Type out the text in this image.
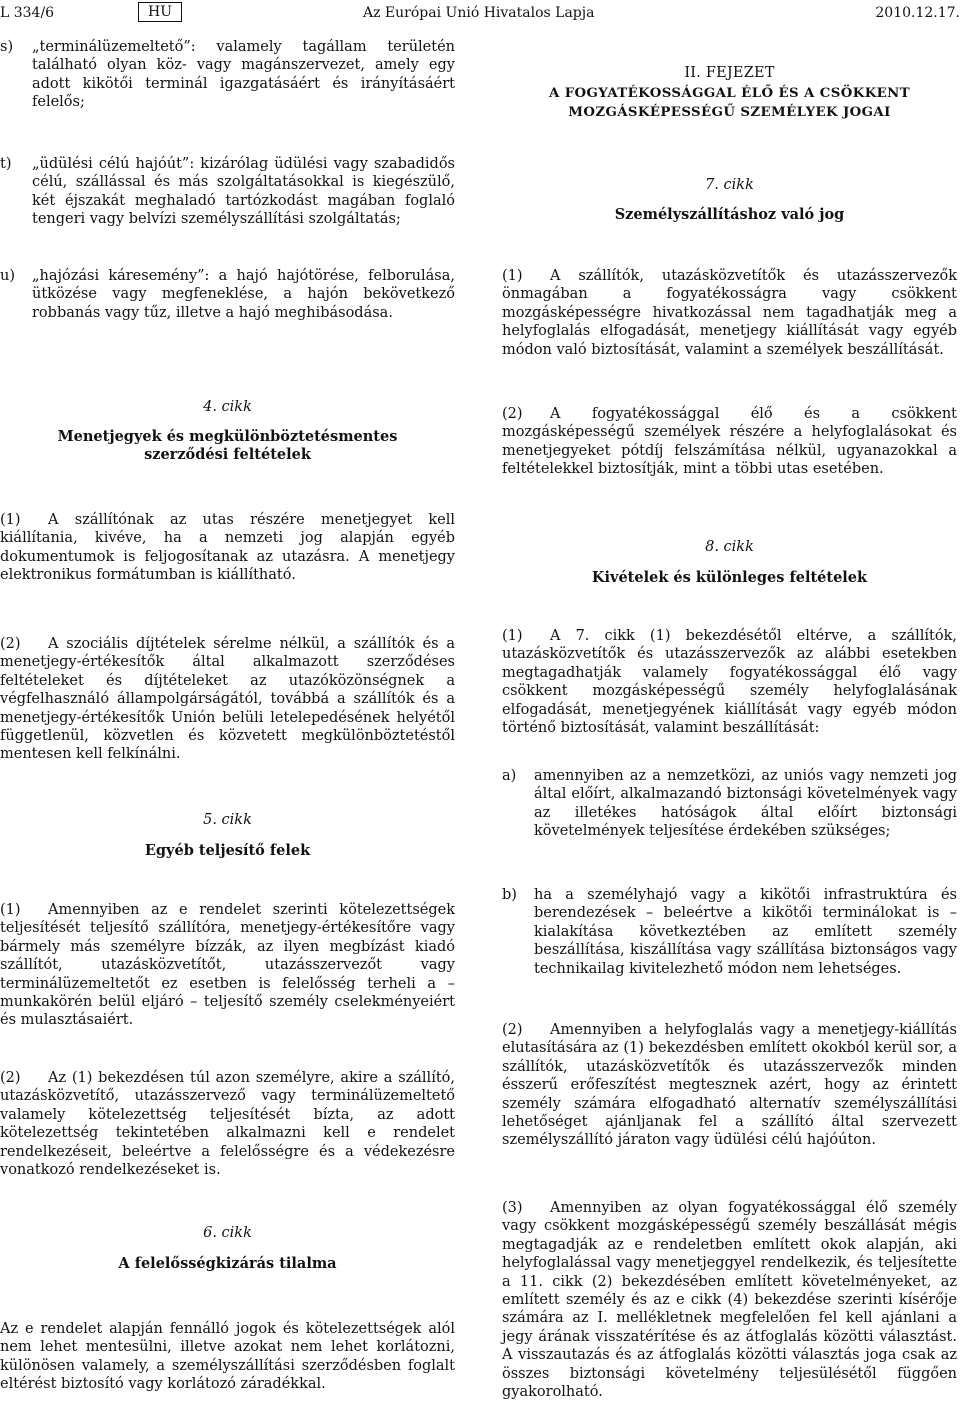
L 334/6	HU	Az Európai Unió Hivatalos Lapja	2010.12.17.
s)	„terminálüzemeltető”: valamely tagállam területén található olyan köz- vagy magánszervezet, amely egy adott kikötői terminál igazgatásáért és irányításáért felelős;
t)	„üdülési célú hajóút”: kizárólag üdülési vagy szabadidős célú, szállással és más szolgáltatásokkal is kiegészülő, két éjszakát meghaladó tartózkodást magában foglaló tengeri vagy belvízi személyszállítási szolgáltatás;
u)	„hajózási káresemény”: a hajó hajótörése, felborulása, ütközése vagy megfeneklése, a hajón bekövetkező robbanás vagy tűz, illetve a hajó meghibásodása.
4. cikk
Menetjegyek és megkülönböztetésmentes szerződési feltételek
(1) A szállítónak az utas részére menetjegyet kell kiállítania, kivéve, ha a nemzeti jog alapján egyéb dokumentumok is feljogosítanak az utazásra. A menetjegy elektronikus formátumban is kiállítható.
(2) A szociális díjtételek sérelme nélkül, a szállítók és a menetjegy-értékesítők által alkalmazott szerződéses feltételeket és díjtételeket az utazóközönségnek a végfelhasználó állampolgárságától, továbbá a szállítók és a menetjegy-értékesítők Unión belüli letelepedésének helyétől függetlenül, közvetlen és közvetett megkülönböztetéstől mentesen kell felkínálni.
5. cikk
Egyéb teljesítő felek
(1) Amennyiben az e rendelet szerinti kötelezettségek teljesítését teljesítő szállítóra, menetjegy-értékesítőre vagy bármely más személyre bízzák, az ilyen megbízást kiadó szállítót, utazásközvetítőt, utazásszervezőt vagy terminálüzemeltetőt ez esetben is felelősség terheli a – munkakörén belül eljáró – teljesítő személy cselekményeiért és mulasztásaiért.
(2) Az (1) bekezdésen túl azon személyre, akire a szállító, utazásközvetítő, utazásszervező vagy terminálüzemeltető valamely kötelezettség teljesítését bízta, az adott kötelezettség tekintetében alkalmazni kell e rendelet rendelkezéseit, beleértve a felelősségre és a védekezésre vonatkozó rendelkezéseket is.
6. cikk
A felelősségkizárás tilalma
Az e rendelet alapján fennálló jogok és kötelezettségek alól nem lehet mentesülni, illetve azokat nem lehet korlátozni, különösen valamely, a személyszállítási szerződésben foglalt eltérést biztosító vagy korlátozó záradékkal.
II. FEJEZET
A FOGYATÉKOSSÁGGAL ÉLŐ ÉS A CSÖKKENT
MOZGÁSKÉPESSÉGŰ SZEMÉLYEK JOGAI
7. cikk
Személyszállításhoz való jog
(1) A szállítók, utazásközvetítők és utazásszervezők önmagában a fogyatékosságra vagy csökkent mozgásképességre hivatkozással nem tagadhatják meg a helyfoglalás elfogadását, menetjegy kiállítását vagy egyéb módon való biztosítását, valamint a személyek beszállítását.
(2) A fogyatékossággal élő és a csökkent mozgásképességű személyek részére a helyfoglalásokat és menetjegyeket pótdíj felszámítása nélkül, ugyanazokkal a feltételekkel biztosítják, mint a többi utas esetében.
8. cikk
Kivételek és különleges feltételek
(1) A 7. cikk (1) bekezdésétől eltérve, a szállítók, utazásközvetítők és utazásszervezők az alábbi esetekben megtagadhatják valamely fogyatékossággal élő vagy csökkent mozgásképességű személy helyfoglalásának elfogadását, menetjegyének kiállítását vagy egyéb módon történő biztosítását, valamint beszállítását:
a)	amennyiben az a nemzetközi, az uniós vagy nemzeti jog által előírt, alkalmazandó biztonsági követelmények vagy az illetékes hatóságok által előírt biztonsági követelmények teljesítése érdekében szükséges;
b)	ha a személyhajó vagy a kikötői infrastruktúra és berendezések – beleértve a kikötői terminálokat is – kialakítása következtében az említett személy beszállítása, kiszállítása vagy szállítása biztonságos vagy technikailag kivitelezhető módon nem lehetséges.
(2) Amennyiben a helyfoglalás vagy a menetjegy-kiállítás elutasítására az (1) bekezdésben említett okokból kerül sor, a szállítók, utazásközvetítők és utazásszervezők minden ésszerű erőfeszítést megtesznek azért, hogy az érintett személy számára elfogadható alternatív személyszállítási lehetőséget ajánljanak fel a szállító által szervezett személyszállító járaton vagy üdülési célú hajóúton.
(3) Amennyiben az olyan fogyatékossággal élő személy vagy csökkent mozgásképességű személy beszállását mégis megtagadják az e rendeletben említett okok alapján, aki helyfoglalással vagy menetjeggyel rendelkezik, és teljesítette a 11. cikk (2) bekezdésében említett követelményeket, az említett személy és az e cikk (4) bekezdése szerinti kísérője számára az I. mellékletnek megfelelően fel kell ajánlani a jegy árának visszatérítése és az átfoglalás közötti választást. A visszautazás és az átfoglalás közötti választás joga csak az összes biztonsági követelmény teljesülésétől függően gyakorolható.
